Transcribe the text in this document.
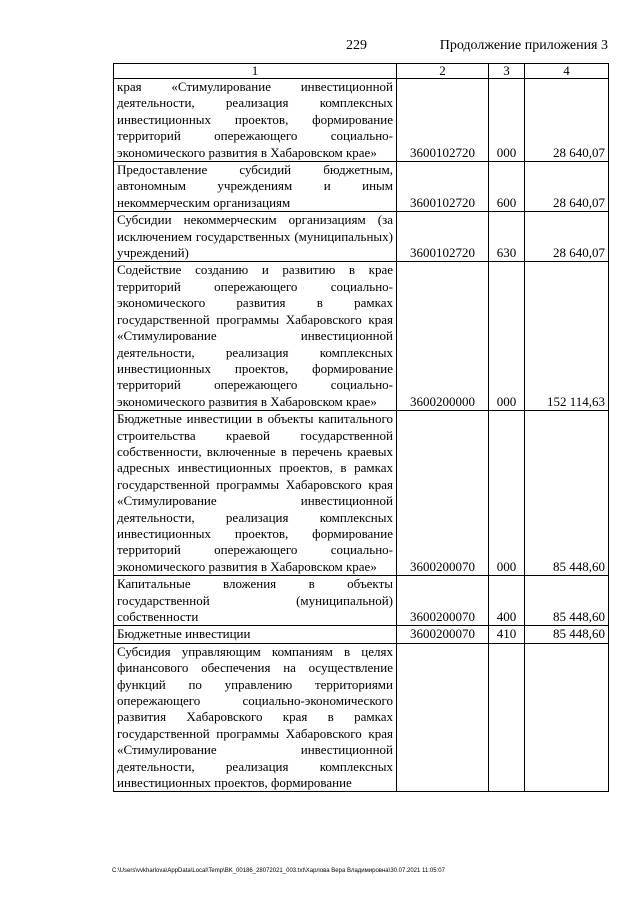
229	Продолжение приложения 3
1	2	3	4
края «Стимулирование инвестиционной деятельности, реализация комплексных инвестиционных проектов, формирование территорий опережающего социально-экономического развития в Хабаровском крае»	3600102720	000	28 640,07
Предоставление субсидий бюджетным, автономным учреждениям и иным некоммерческим организациям	3600102720	600	28 640,07
Субсидии некоммерческим организациям (за исключением государственных (муниципальных) учреждений)	3600102720	630	28 640,07
Содействие созданию и развитию в крае территорий опережающего социально-экономического развития в рамках государственной программы Хабаровского края «Стимулирование инвестиционной деятельности, реализация комплексных инвестиционных проектов, формирование территорий опережающего социально-экономического развития в Хабаровском крае»	3600200000	000	152 114,63
Бюджетные инвестиции в объекты капитального строительства краевой государственной собственности, включенные в перечень краевых адресных инвестиционных проектов, в рамках государственной программы Хабаровского края «Стимулирование инвестиционной деятельности, реализация комплексных инвестиционных проектов, формирование территорий опережающего социально-экономического развития в Хабаровском крае»	3600200070	000	85 448,60
Капитальные вложения в объекты государственной (муниципальной) собственности	3600200070	400	85 448,60
Бюджетные инвестиции	3600200070	410	85 448,60
Субсидия управляющим компаниям в целях финансового обеспечения на осуществление функций по управлению территориями опережающего социально-экономического развития Хабаровского края в рамках государственной программы Хабаровского края «Стимулирование инвестиционной деятельности, реализация комплексных инвестиционных проектов, формирование			
C:\Users\vvkharlova\AppData\Local\Temp\BK_00186_28072021_003.txt\Харлова Вера Владимировна\30.07.2021 11:05:07
